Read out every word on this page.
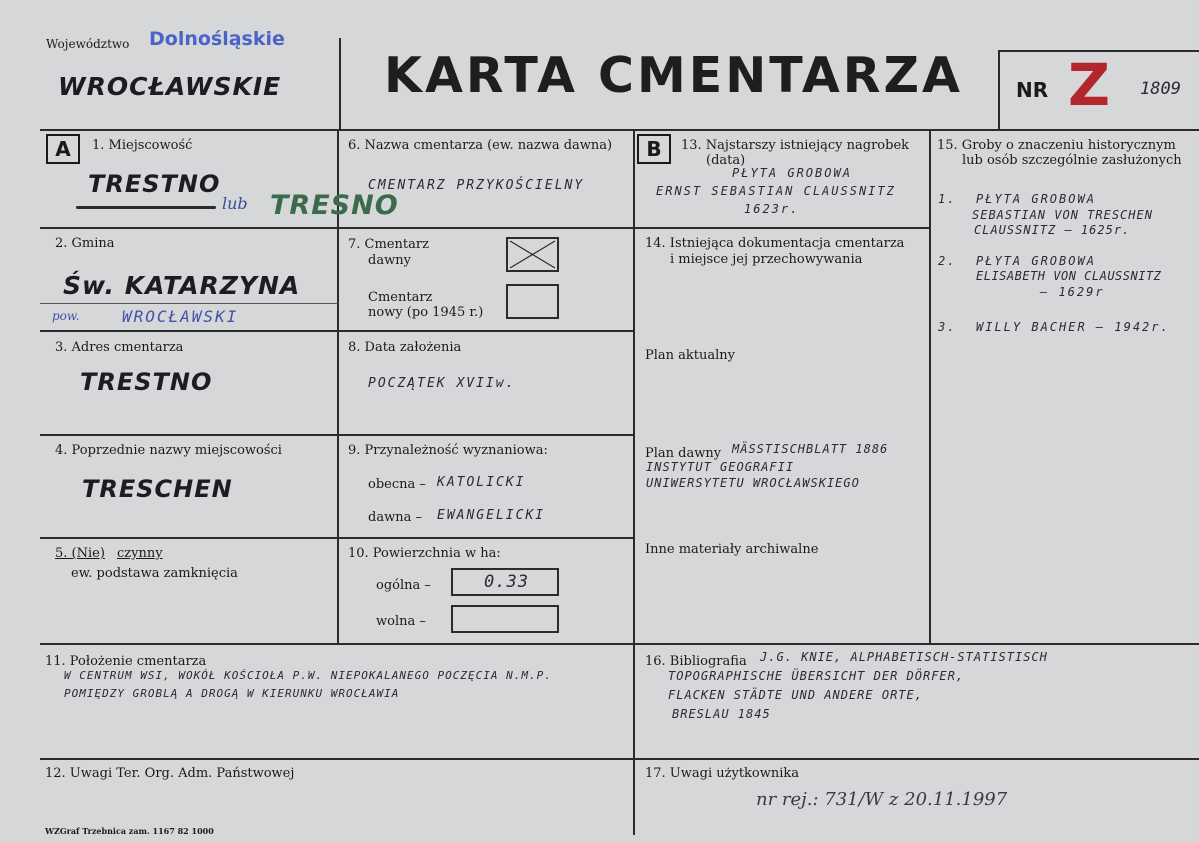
Województwo Dolnośląskie
WROCŁAWSKIE KARTA CMENTARZA	NR Z 1809
A	1. Miejscowość
TRESTNO
lub TRESNO
2. Gmina
Św. KATARZYNA
pow.	WROCŁAWSKI
3. Adres cmentarza
TRESTNO
4. Poprzednie nazwy miejscowości
TRESCHEN
5. (Nie) czynny
ew. podstawa zamknięcia
6. Nazwa cmentarza (ew. nazwa dawna)
CMENTARZ PRZYKOŚCIELNY
7. Cmentarz
dawny
Cmentarz
nowy (po 1945 r.)
8. Data założenia
POCZĄTEK XVIIw.
9. Przynależność wyznaniowa:
obecna – KATOLICKI
dawna – EWANGELICKI
10. Powierzchnia w ha:
ogólna –	0.33
wolna –
B	13. Najstarszy istniejący nagrobek
(data)
PŁYTA GROBOWA
ERNST SEBASTIAN CLAUSSNITZ
1623r.
14. Istniejąca dokumentacja cmentarza
i miejsce jej przechowywania
Plan aktualny
Plan dawny MÄSSTISCHBLATT 1886
INSTYTUT GEOGRAFII
UNIWERSYTETU WROCŁAWSKIEGO
Inne materiały archiwalne
15. Groby o znaczeniu historycznym
lub osób szczególnie zasłużonych
1. PŁYTA GROBOWA
SEBASTIAN VON TRESCHEN
CLAUSSNITZ – 1625r.
2. PŁYTA GROBOWA
ELISABETH VON CLAUSSNITZ
– 1629r
3. WILLY BACHER – 1942r.
11. Położenie cmentarza
W CENTRUM WSI, WOKÓŁ KOŚCIOŁA P.W. NIEPOKALANEGO POCZĘCIA N.M.P.
POMIĘDZY GROBLĄ A DROGĄ W KIERUNKU WROCŁAWIA
16. Bibliografia J.G. KNIE, ALPHABETISCH-STATISTISCH
TOPOGRAPHISCHE ÜBERSICHT DER DÖRFER,
FLACKEN STÄDTE UND ANDERE ORTE,
BRESLAU 1845
12. Uwagi Ter. Org. Adm. Państwowej	17. Uwagi użytkownika
nr rej.: 731/W z 20.11.1997
WZGraf Trzebnica zam. 1167 82 1000
